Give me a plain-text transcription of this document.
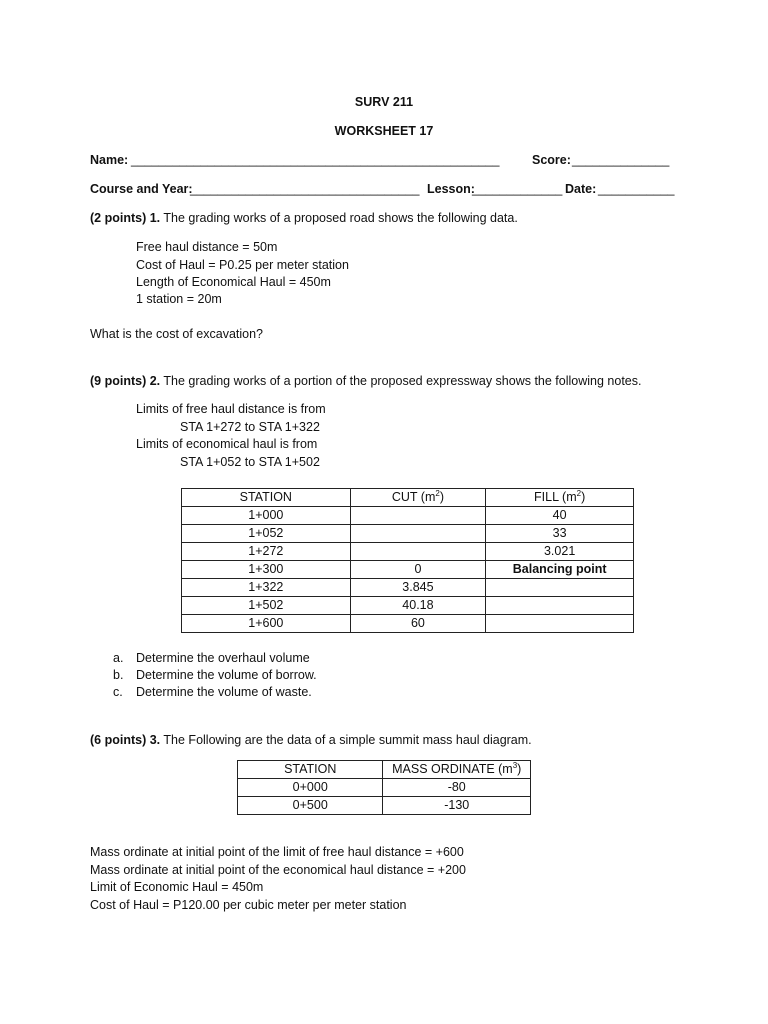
SURV 211
WORKSHEET 17
Name: _____________________________________________________	Score: ______________
Course and Year:
_________________________________ Lesson:
_____________ Date: ___________
(2 points) 1. The grading works of a proposed road shows the following data.
Free haul distance = 50m
Cost of Haul = P0.25 per meter station
Length of Economical Haul = 450m
1 station = 20m
What is the cost of excavation?
(9 points) 2. The grading works of a portion of the proposed expressway shows the following notes.
Limits of free haul distance is from
STA 1+272 to STA 1+322
Limits of economical haul is from
STA 1+052 to STA 1+502
STATION	CUT $(m^2)$	FILL $(m^2)$
1+000		40
1+052		33
1+272		3.021
1+300	0	Balancing point
1+322	3.845	
1+502	40.18	
1+600	60	
a. Determine the overhaul volume
b. Determine the volume of borrow.
c. Determine the volume of waste.
(6 points) 3. The Following are the data of a simple summit mass haul diagram.
STATION	MASS ORDINATE $(m^3)$
0+000	-80
0+500	-130
Mass ordinate at initial point of the limit of free haul distance = +600
Mass ordinate at initial point of the economical haul distance = +200
Limit of Economic Haul = 450m
Cost of Haul = P120.00 per cubic meter per meter station
